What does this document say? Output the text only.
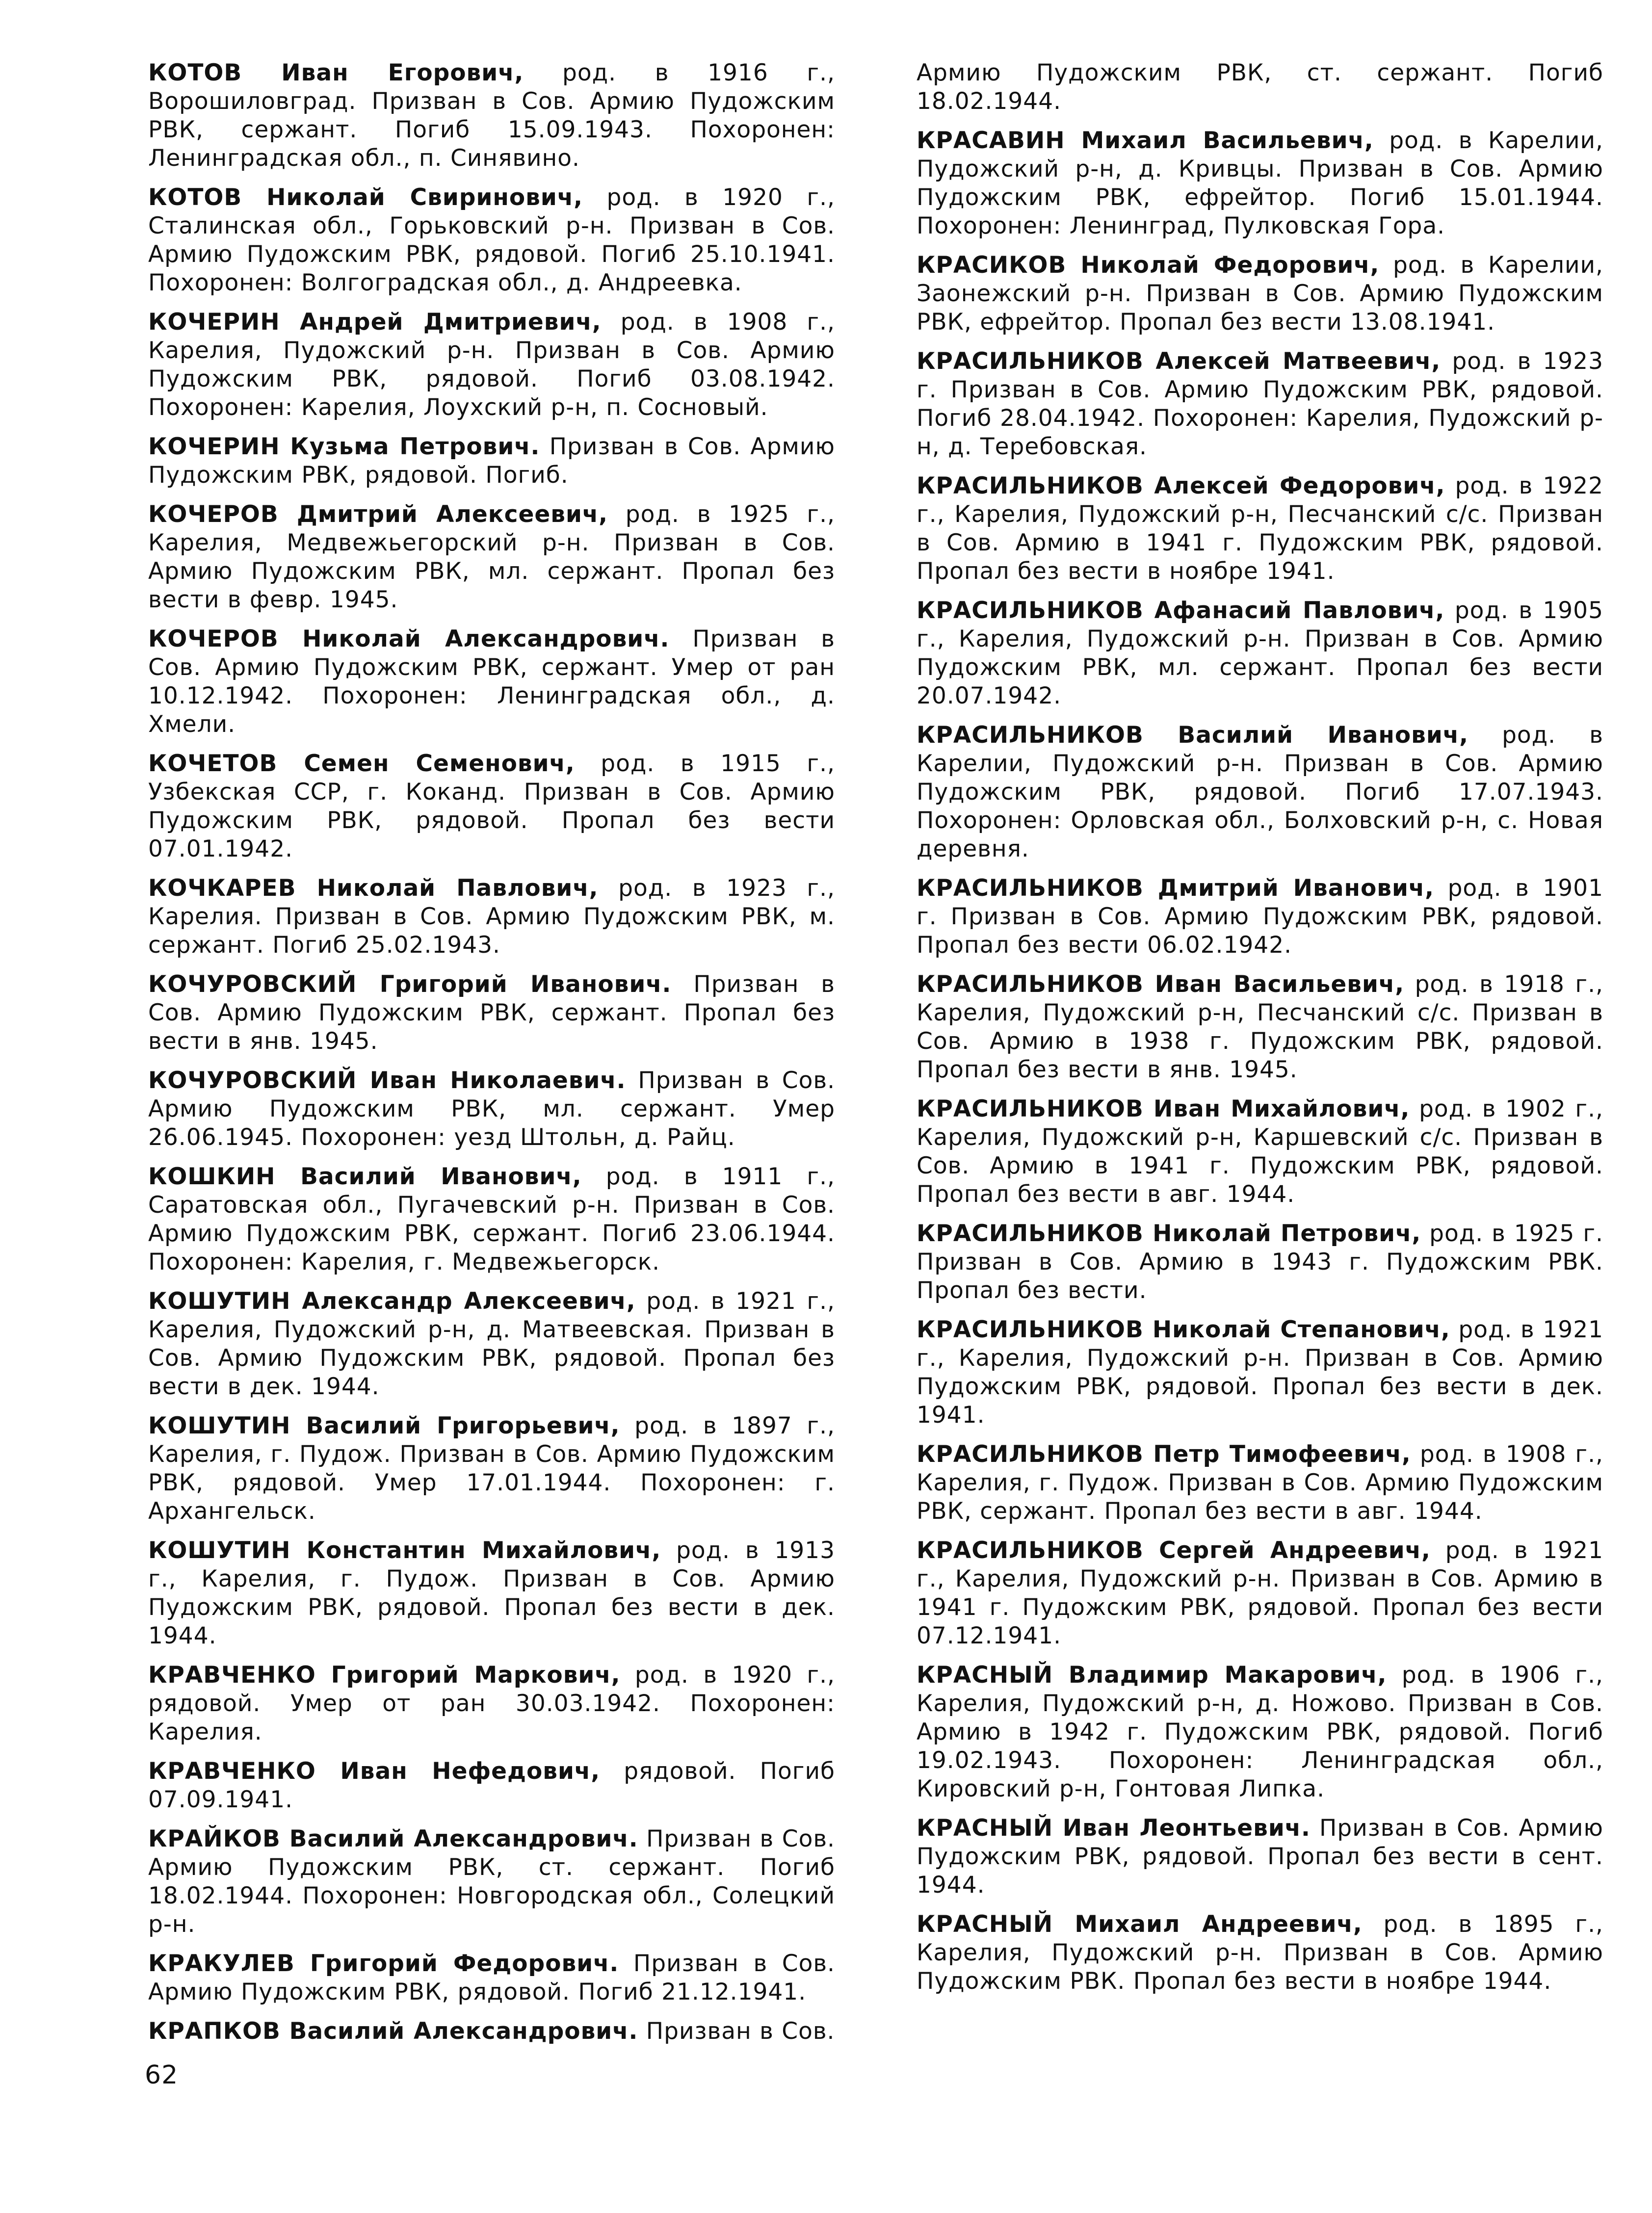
КОТОВ Иван Егорович, род. в 1916 г., Ворошиловград. Призван в Сов. Армию Пудожским РВК, сержант. Погиб 15.09.1943. Похоронен: Ленинградская обл., п. Синявино.

КОТОВ Николай Свиринович, род. в 1920 г., Сталинская обл., Горьковский р-н. Призван в Сов. Армию Пудожским РВК, рядовой. Погиб 25.10.1941. Похоронен: Волгоградская обл., д. Андреевка.

КОЧЕРИН Андрей Дмитриевич, род. в 1908 г., Карелия, Пудожский р-н. Призван в Сов. Армию Пудожским РВК, рядовой. Погиб 03.08.1942. Похоронен: Карелия, Лоухский р-н, п. Сосновый.

КОЧЕРИН Кузьма Петрович. Призван в Сов. Армию Пудожским РВК, рядовой. Погиб.

КОЧЕРОВ Дмитрий Алексеевич, род. в 1925 г., Карелия, Медвежьегорский р-н. Призван в Сов. Армию Пудожским РВК, мл. сержант. Пропал без вести в февр. 1945.

КОЧЕРОВ Николай Александрович. Призван в Сов. Армию Пудожским РВК, сержант. Умер от ран 10.12.1942. Похоронен: Ленинградская обл., д. Хмели.

КОЧЕТОВ Семен Семенович, род. в 1915 г., Узбекская ССР, г. Коканд. Призван в Сов. Армию Пудожским РВК, рядовой. Пропал без вести 07.01.1942.

КОЧКАРЕВ Николай Павлович, род. в 1923 г., Карелия. Призван в Сов. Армию Пудожским РВК, м. сержант. Погиб 25.02.1943.

КОЧУРОВСКИЙ Григорий Иванович. Призван в Сов. Армию Пудожским РВК, сержант. Пропал без вести в янв. 1945.

КОЧУРОВСКИЙ Иван Николаевич. Призван в Сов. Армию Пудожским РВК, мл. сержант. Умер 26.06.1945. Похоронен: уезд Штольн, д. Райц.

КОШКИН Василий Иванович, род. в 1911 г., Саратовская обл., Пугачевский р-н. Призван в Сов. Армию Пудожским РВК, сержант. Погиб 23.06.1944. Похоронен: Карелия, г. Медвежьегорск.

КОШУТИН Александр Алексеевич, род. в 1921 г., Карелия, Пудожский р-н, д. Матвеевская. Призван в Сов. Армию Пудожским РВК, рядовой. Пропал без вести в дек. 1944.

КОШУТИН Василий Григорьевич, род. в 1897 г., Карелия, г. Пудож. Призван в Сов. Армию Пудожским РВК, рядовой. Умер 17.01.1944. Похоронен: г. Архангельск.

КОШУТИН Константин Михайлович, род. в 1913 г., Карелия, г. Пудож. Призван в Сов. Армию Пудожским РВК, рядовой. Пропал без вести в дек. 1944.

КРАВЧЕНКО Григорий Маркович, род. в 1920 г., рядовой. Умер от ран 30.03.1942. Похоронен: Карелия.

КРАВЧЕНКО Иван Нефедович, рядовой. Погиб 07.09.1941.

КРАЙКОВ Василий Александрович. Призван в Сов. Армию Пудожским РВК, ст. сержант. Погиб 18.02.1944. Похоронен: Новгородская обл., Солецкий р-н.

КРАКУЛЕВ Григорий Федорович. Призван в Сов. Армию Пудожским РВК, рядовой. Погиб 21.12.1941.

КРАПКОВ Василий Александрович. Призван в Сов.

Армию Пудожским РВК, ст. сержант. Погиб 18.02.1944.

КРАСАВИН Михаил Васильевич, род. в Карелии, Пудожский р-н, д. Кривцы. Призван в Сов. Армию Пудожским РВК, ефрейтор. Погиб 15.01.1944. Похоронен: Ленинград, Пулковская Гора.

КРАСИКОВ Николай Федорович, род. в Карелии, Заонежский р-н. Призван в Сов. Армию Пудожским РВК, ефрейтор. Пропал без вести 13.08.1941.

КРАСИЛЬНИКОВ Алексей Матвеевич, род. в 1923 г. Призван в Сов. Армию Пудожским РВК, рядовой. Погиб 28.04.1942. Похоронен: Карелия, Пудожский р-н, д. Теребовская.

КРАСИЛЬНИКОВ Алексей Федорович, род. в 1922 г., Карелия, Пудожский р-н, Песчанский с/с. Призван в Сов. Армию в 1941 г. Пудожским РВК, рядовой. Пропал без вести в ноябре 1941.

КРАСИЛЬНИКОВ Афанасий Павлович, род. в 1905 г., Карелия, Пудожский р-н. Призван в Сов. Армию Пудожским РВК, мл. сержант. Пропал без вести 20.07.1942.

КРАСИЛЬНИКОВ Василий Иванович, род. в Карелии, Пудожский р-н. Призван в Сов. Армию Пудожским РВК, рядовой. Погиб 17.07.1943. Похоронен: Орловская обл., Болховский р-н, с. Новая деревня.

КРАСИЛЬНИКОВ Дмитрий Иванович, род. в 1901 г. Призван в Сов. Армию Пудожским РВК, рядовой. Пропал без вести 06.02.1942.

КРАСИЛЬНИКОВ Иван Васильевич, род. в 1918 г., Карелия, Пудожский р-н, Песчанский с/с. Призван в Сов. Армию в 1938 г. Пудожским РВК, рядовой. Пропал без вести в янв. 1945.

КРАСИЛЬНИКОВ Иван Михайлович, род. в 1902 г., Карелия, Пудожский р-н, Каршевский с/с. Призван в Сов. Армию в 1941 г. Пудожским РВК, рядовой. Пропал без вести в авг. 1944.

КРАСИЛЬНИКОВ Николай Петрович, род. в 1925 г. Призван в Сов. Армию в 1943 г. Пудожским РВК. Пропал без вести.

КРАСИЛЬНИКОВ Николай Степанович, род. в 1921 г., Карелия, Пудожский р-н. Призван в Сов. Армию Пудожским РВК, рядовой. Пропал без вести в дек. 1941.

КРАСИЛЬНИКОВ Петр Тимофеевич, род. в 1908 г., Карелия, г. Пудож. Призван в Сов. Армию Пудожским РВК, сержант. Пропал без вести в авг. 1944.

КРАСИЛЬНИКОВ Сергей Андреевич, род. в 1921 г., Карелия, Пудожский р-н. Призван в Сов. Армию в 1941 г. Пудожским РВК, рядовой. Пропал без вести 07.12.1941.

КРАСНЫЙ Владимир Макарович, род. в 1906 г., Карелия, Пудожский р-н, д. Ножово. Призван в Сов. Армию в 1942 г. Пудожским РВК, рядовой. Погиб 19.02.1943. Похоронен: Ленинградская обл., Кировский р-н, Гонтовая Липка.

КРАСНЫЙ Иван Леонтьевич. Призван в Сов. Армию Пудожским РВК, рядовой. Пропал без вести в сент. 1944.

КРАСНЫЙ Михаил Андреевич, род. в 1895 г., Карелия, Пудожский р-н. Призван в Сов. Армию Пудожским РВК. Пропал без вести в ноябре 1944.

62
